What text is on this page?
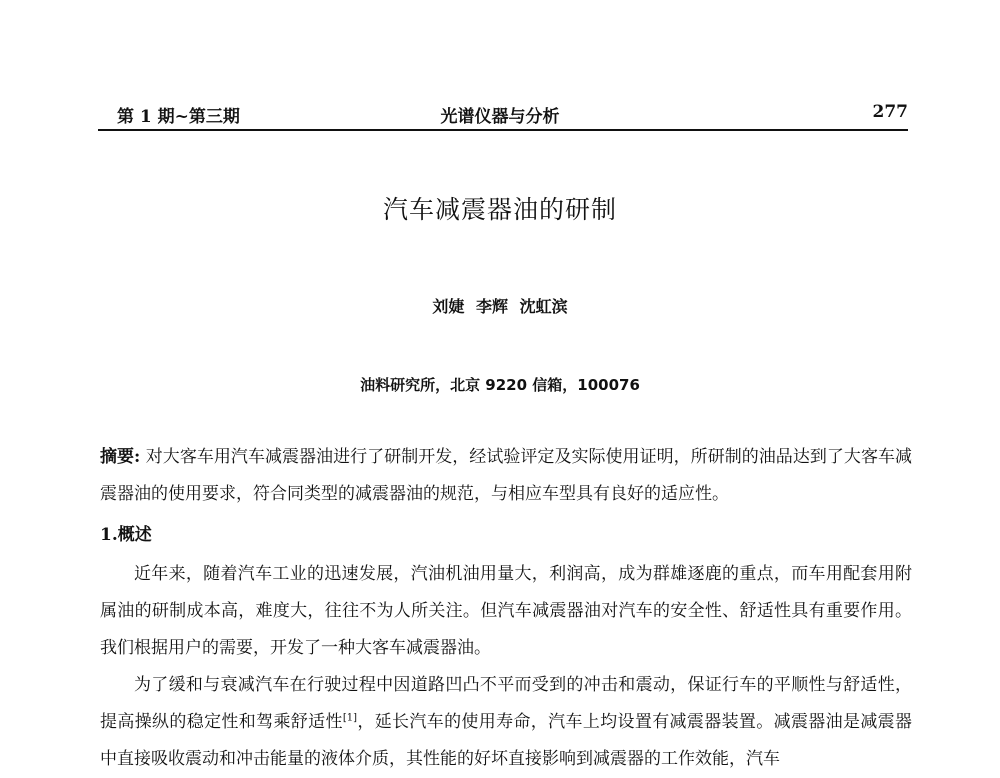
第 1 期~第三期	光谱仪器与分析	277
汽车减震器油的研制
刘婕 李辉 沈虹滨
油料研究所，北京 9220 信箱，100076
摘要: 对大客车用汽车减震器油进行了研制开发，经试验评定及实际使用证明，所研制的油品达到了大客车减震器油的使用要求，符合同类型的减震器油的规范，与相应车型具有良好的适应性。
1.概述
近年来，随着汽车工业的迅速发展，汽油机油用量大，利润高，成为群雄逐鹿的重点，而车用配套用附属油的研制成本高，难度大，往往不为人所关注。但汽车减震器油对汽车的安全性、舒适性具有重要作用。我们根据用户的需要，开发了一种大客车减震器油。
为了缓和与衰减汽车在行驶过程中因道路凹凸不平而受到的冲击和震动，保证行车的平顺性与舒适性，提高操纵的稳定性和驾乘舒适性[1]，延长汽车的使用寿命，汽车上均设置有减震器装置。减震器油是减震器中直接吸收震动和冲击能量的液体介质，其性能的好坏直接影响到减震器的工作效能，汽车
